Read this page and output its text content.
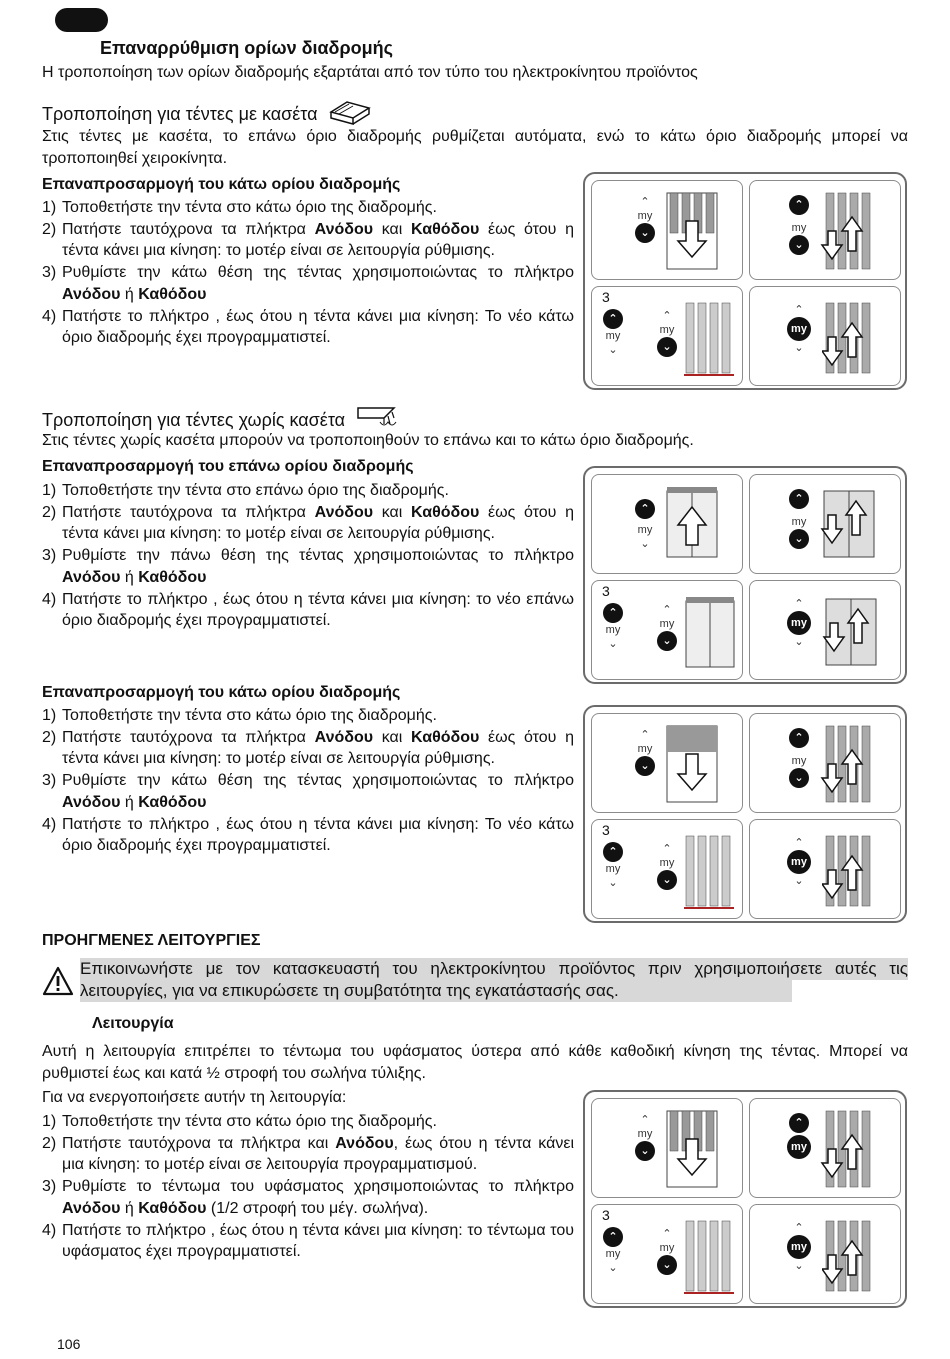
Επαναρρύθμιση ορίων διαδρομής
Η τροποποίηση των ορίων διαδρομής εξαρτάται από τον τύπο του ηλεκτροκίνητου προϊόντος
Τροποποίηση για τέντες με κασέτα
Στις τέντες με κασέτα, το επάνω όριο διαδρομής ρυθμίζεται αυτόματα, ενώ το κάτω όριο διαδρομής μπορεί να τροποποιηθεί χειροκίνητα.
Επαναπροσαρμογή του κάτω ορίου διαδρομής
1) Τοποθετήστε την τέντα στο κάτω όριο της διαδρομής.
2) Πατήστε ταυτόχρονα τα πλήκτρα Ανόδου και Καθόδου έως ότου η τέντα κάνει μια κίνηση: το μοτέρ είναι σε λειτουργία ρύθμισης.
3) Ρυθμίστε την κάτω θέση της τέντας χρησιμοποιώντας το πλήκτρο Ανόδου ή Καθόδου
4) Πατήστε το πλήκτρο , έως ότου η τέντα κάνει μια κίνηση: Το νέο κάτω όριο διαδρομής έχει προγραμματιστεί.
⌃
my
⌄
⌃
my
⌄
3
⌃
my
⌄
⌃
my
⌄
⌃
my
⌄
Τροποποίηση για τέντες χωρίς κασέτα
Στις τέντες χωρίς κασέτα μπορούν να τροποποιηθούν το επάνω και το κάτω όριο διαδρομής.
Επαναπροσαρμογή του επάνω ορίου διαδρομής
1) Τοποθετήστε την τέντα στο επάνω όριο της διαδρομής.
2) Πατήστε ταυτόχρονα τα πλήκτρα Ανόδου και Καθόδου έως ότου η τέντα κάνει μια κίνηση: το μοτέρ είναι σε λειτουργία ρύθμισης.
3) Ρυθμίστε την πάνω θέση της τέντας χρησιμοποιώντας το πλήκτρο Ανόδου ή Καθόδου
4) Πατήστε το πλήκτρο , έως ότου η τέντα κάνει μια κίνηση: το νέο επάνω όριο διαδρομής έχει προγραμματιστεί.
⌃
my
⌄
⌃
my
⌄
3
⌃
my
⌄
⌃
my
⌄
⌃
my
⌄
Επαναπροσαρμογή του κάτω ορίου διαδρομής
1) Τοποθετήστε την τέντα στο κάτω όριο της διαδρομής.
2) Πατήστε ταυτόχρονα τα πλήκτρα Ανόδου και Καθόδου έως ότου η τέντα κάνει μια κίνηση: το μοτέρ είναι σε λειτουργία ρύθμισης.
3) Ρυθμίστε την κάτω θέση της τέντας χρησιμοποιώντας το πλήκτρο Ανόδου ή Καθόδου
4) Πατήστε το πλήκτρο , έως ότου η τέντα κάνει μια κίνηση: Το νέο κάτω όριο διαδρομής έχει προγραμματιστεί.
⌃
my
⌄
⌃
my
⌄
3
⌃
my
⌄
⌃
my
⌄
⌃
my
⌄
ΠΡΟΗΓΜΕΝΕΣ ΛΕΙΤΟΥΡΓΙΕΣ
Επικοινωνήστε με τον κατασκευαστή του ηλεκτροκίνητου προϊόντος πριν χρησιμοποιήσετε αυτές τις λειτουργίες, για να επικυρώσετε τη συμβατότητα της εγκατάστασής σας.
Λειτουργία
Αυτή η λειτουργία επιτρέπει το τέντωμα του υφάσματος ύστερα από κάθε καθοδική κίνηση της τέντας. Μπορεί να ρυθμιστεί έως και κατά ½ στροφή του σωλήνα τύλιξης.
Για να ενεργοποιήσετε αυτήν τη λειτουργία:
1) Τοποθετήστε την τέντα στο κάτω όριο της διαδρομής.
2) Πατήστε ταυτόχρονα τα πλήκτρα και Ανόδου, έως ότου η τέντα κάνει μια κίνηση: το μοτέρ είναι σε λειτουργία προγραμματισμού.
3) Ρυθμίστε το τέντωμα του υφάσματος χρησιμοποιώντας το πλήκτρο Ανόδου ή Καθόδου (1/2 στροφή του μέγ. σωλήνα).
4) Πατήστε το πλήκτρο , έως ότου η τέντα κάνει μια κίνηση: το τέντωμα του υφάσματος έχει προγραμματιστεί.
⌃
my
⌄
⌃
my
3
⌃
my
⌄
⌃
my
⌄
⌃
my
⌄
106
